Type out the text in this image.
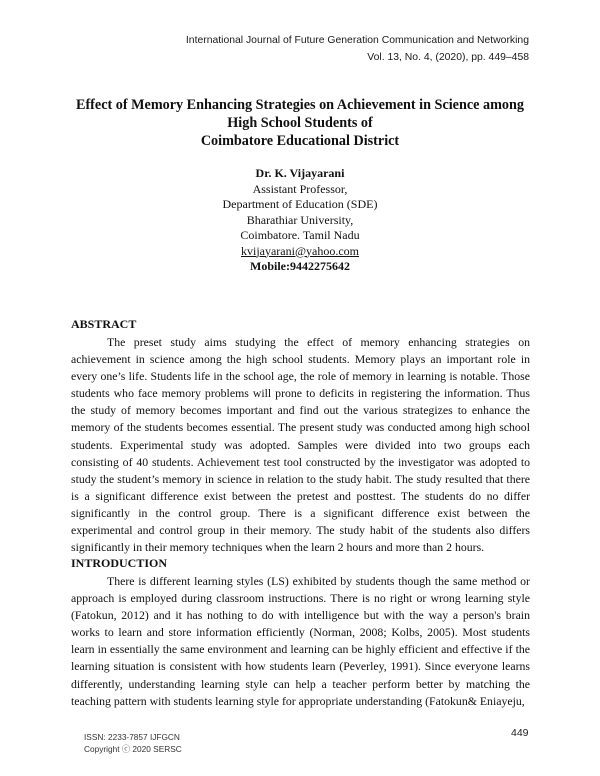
International Journal of Future Generation Communication and Networking
Vol. 13, No. 4, (2020), pp. 449–458
Effect of Memory Enhancing Strategies on Achievement in Science among
High School Students of
Coimbatore Educational District
Dr. K. Vijayarani
Assistant Professor,
Department of Education (SDE)
Bharathiar University,
Coimbatore. Tamil Nadu
kvijayarani@yahoo.com
Mobile:9442275642
ABSTRACT

The preset study aims studying the effect of memory enhancing strategies on achievement in science among the high school students. Memory plays an important role in every one’s life. Students life in the school age, the role of memory in learning is notable. Those students who face memory problems will prone to deficits in registering the information. Thus the study of memory becomes important and find out the various strategizes to enhance the memory of the students becomes essential. The present study was conducted among high school students. Experimental study was adopted. Samples were divided into two groups each consisting of 40 students. Achievement test tool constructed by the investigator was adopted to study the student’s memory in science in relation to the study habit. The study resulted that there is a significant difference exist between the pretest and posttest. The students do no differ significantly in the control group. There is a significant difference exist between the experimental and control group in their memory. The study habit of the students also differs significantly in their memory techniques when the learn 2 hours and more than 2 hours.

INTRODUCTION

There is different learning styles (LS) exhibited by students though the same method or approach is employed during classroom instructions. There is no right or wrong learning style (Fatokun, 2012) and it has nothing to do with intelligence but with the way a person's brain works to learn and store information efficiently (Norman, 2008; Kolbs, 2005). Most students learn in essentially the same environment and learning can be highly efficient and effective if the learning situation is consistent with how students learn (Peverley, 1991). Since everyone learns differently, understanding learning style can help a teacher perform better by matching the teaching pattern with students learning style for appropriate understanding (Fatokun& Eniayeju,

ISSN: 2233-7857 IJFGCN
Copyright ⓒ 2020 SERSC
449
